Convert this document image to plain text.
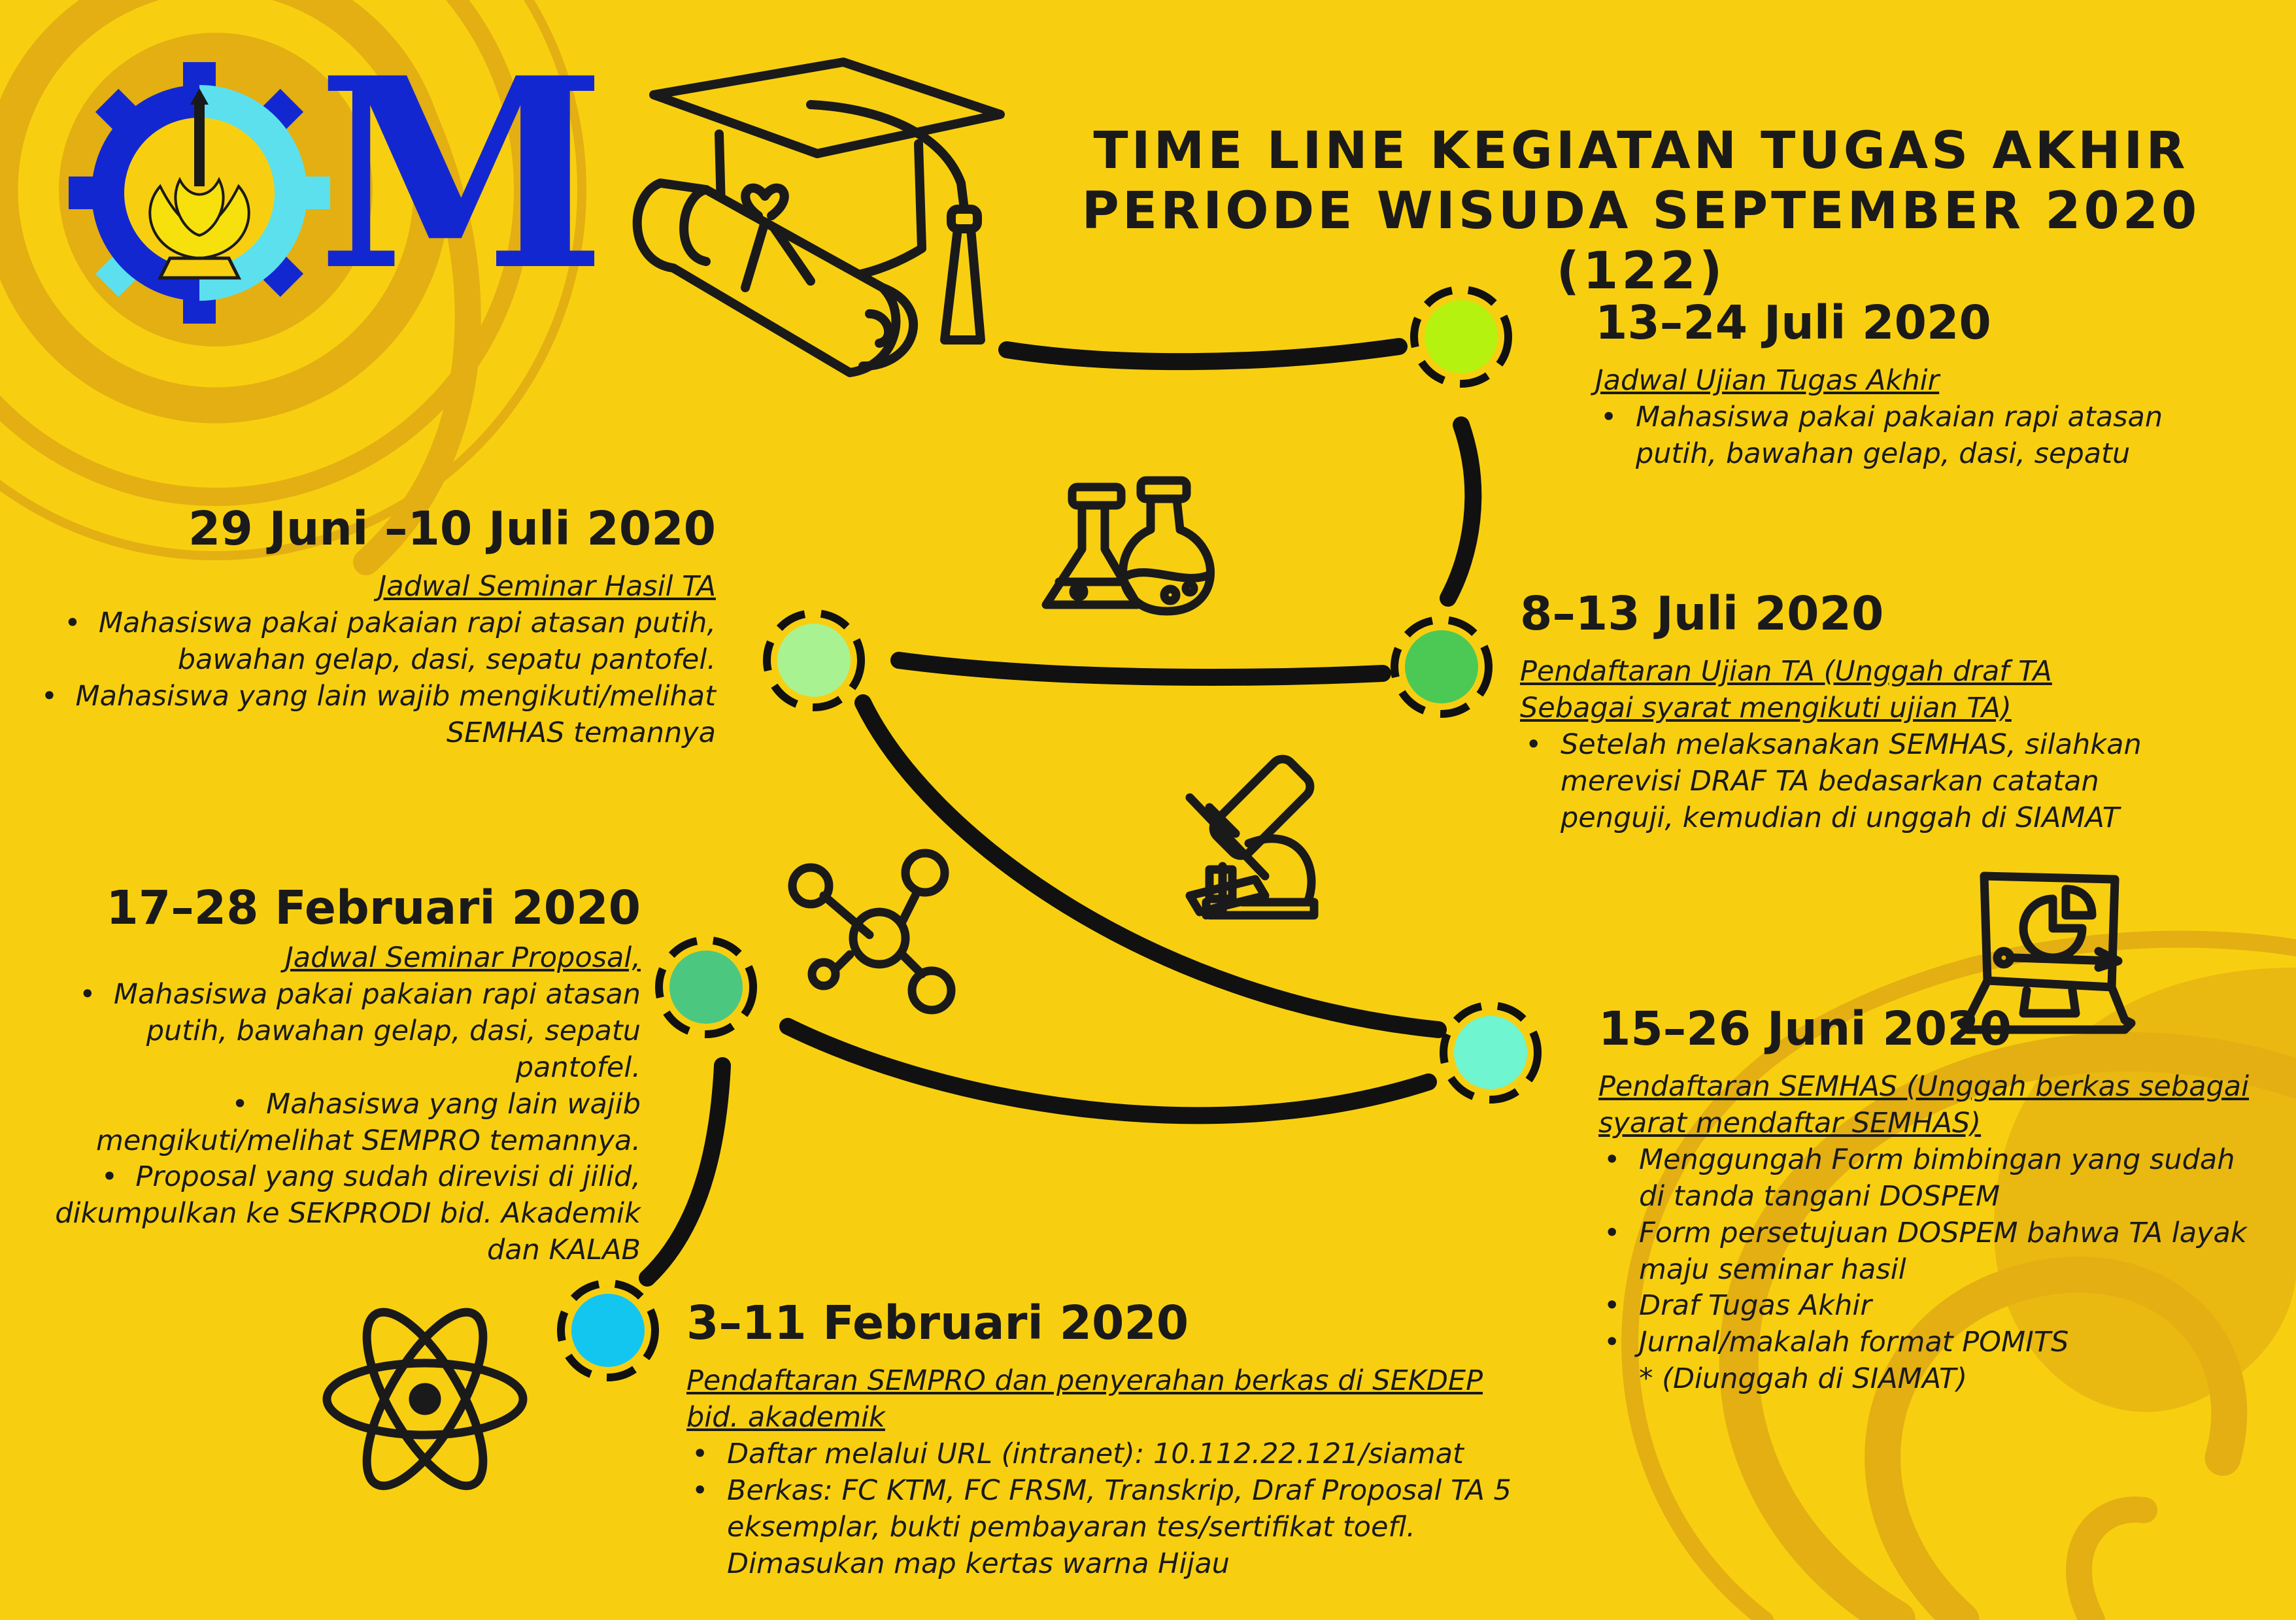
M	TIME LINE KEGIATAN TUGAS AKHIR
PERIODE WISUDA SEPTEMBER 2020 (122)
13–24 Juli 2020
Jadwal Ujian Tugas Akhir
• Mahasiswa pakai pakaian rapi atasan putih, bawahan gelap, dasi, sepatu
29 Juni –10 Juli 2020
Jadwal Seminar Hasil TA
•  Mahasiswa pakai pakaian rapi atasan putih, bawahan gelap, dasi, sepatu pantofel.
•  Mahasiswa yang lain wajib mengikuti/melihat SEMHAS temannya
8–13 Juli 2020
Pendaftaran Ujian TA (Unggah draf TA Sebagai syarat mengikuti ujian TA)
• Setelah melaksanakan SEMHAS, silahkan merevisi DRAF TA bedasarkan catatan penguji, kemudian di unggah di SIAMAT
17–28 Februari 2020
Jadwal Seminar Proposal,
•  Mahasiswa pakai pakaian rapi atasan putih, bawahan gelap, dasi, sepatu pantofel.
•  Mahasiswa yang lain wajib mengikuti/melihat SEMPRO temannya.
•  Proposal yang sudah direvisi di jilid, dikumpulkan ke SEKPRODI bid. Akademik dan KALAB
15–26 Juni 2020
Pendaftaran SEMHAS (Unggah berkas sebagai syarat mendaftar SEMHAS)
• Menggungah Form bimbingan yang sudah di tanda tangani DOSPEM
• Form persetujuan DOSPEM bahwa TA layak maju seminar hasil
• Draf Tugas Akhir
• Jurnal/makalah format POMITS
* (Diunggah di SIAMAT)
3–11 Februari 2020
Pendaftaran SEMPRO dan penyerahan berkas di SEKDEP bid. akademik
• Daftar melalui URL (intranet): 10.112.22.121/siamat
• Berkas: FC KTM, FC FRSM, Transkrip, Draf Proposal TA 5 eksemplar, bukti pembayaran tes/sertifikat toefl. Dimasukan map kertas warna Hijau
